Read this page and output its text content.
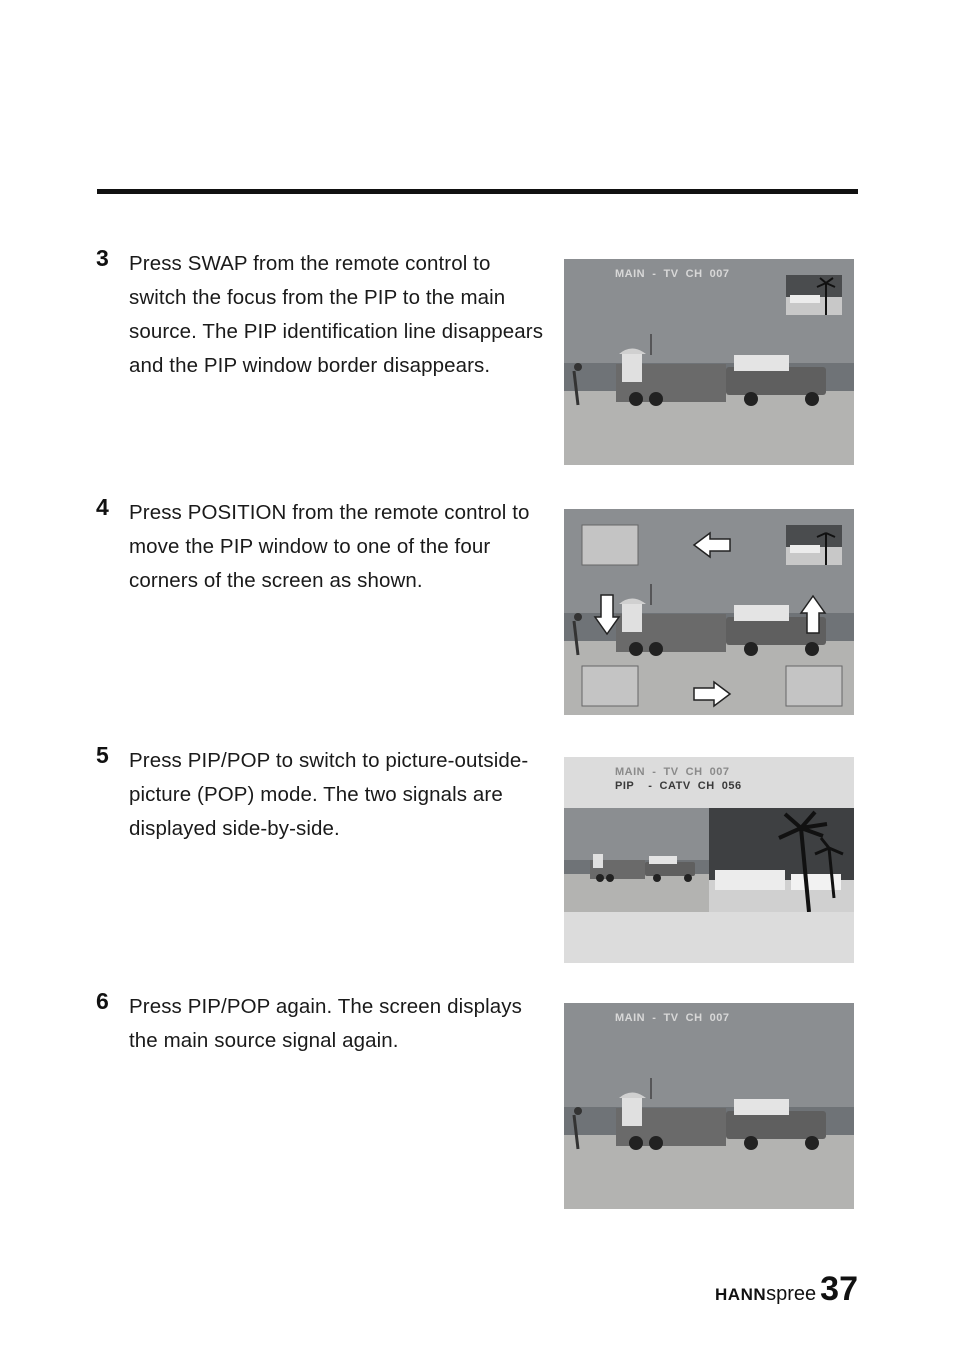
3 Press SWAP from the remote control to switch the focus from the PIP to the main source. The PIP identification line disappears and the PIP window border disappears.
MAIN  -  TV  CH  007
4 Press POSITION from the remote control to move the PIP window to one of the four corners of the screen as shown.
5 Press PIP/POP to switch to picture-outside-picture (POP) mode. The two signals are displayed side-by-side.
MAIN  -  TV  CH  007
PIP    -  CATV  CH  056
6 Press PIP/POP again. The screen displays the main source signal again.
MAIN  -  TV  CH  007
HANN spree 37
